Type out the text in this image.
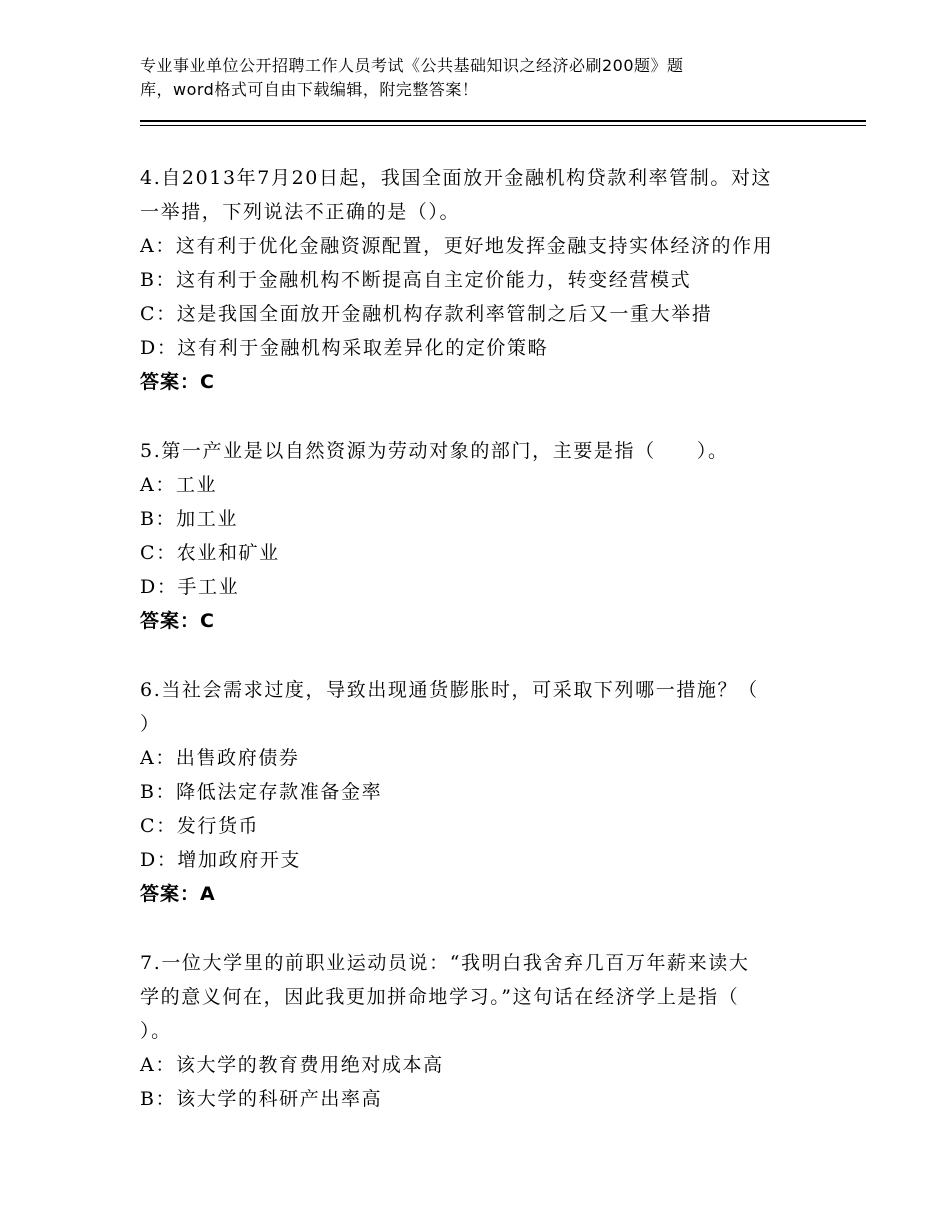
专业事业单位公开招聘工作人员考试《公共基础知识之经济必刷200题》题
库，word格式可自由下载编辑，附完整答案！
4.自2013年7月20日起，我国全面放开金融机构贷款利率管制。对这
一举措，下列说法不正确的是（）。
A：这有利于优化金融资源配置，更好地发挥金融支持实体经济的作用
B：这有利于金融机构不断提高自主定价能力，转变经营模式
C：这是我国全面放开金融机构存款利率管制之后又一重大举措
D：这有利于金融机构采取差异化的定价策略
答案：C
5.第一产业是以自然资源为劳动对象的部门，主要是指（　　）。
A：工业
B：加工业
C：农业和矿业
D：手工业
答案：C
6.当社会需求过度，导致出现通货膨胀时，可采取下列哪一措施？（
）
A：出售政府债券
B：降低法定存款准备金率
C：发行货币
D：增加政府开支
答案：A
7.一位大学里的前职业运动员说：“我明白我舍弃几百万年薪来读大
学的意义何在，因此我更加拼命地学习。”这句话在经济学上是指（
）。
A：该大学的教育费用绝对成本高
B：该大学的科研产出率高
